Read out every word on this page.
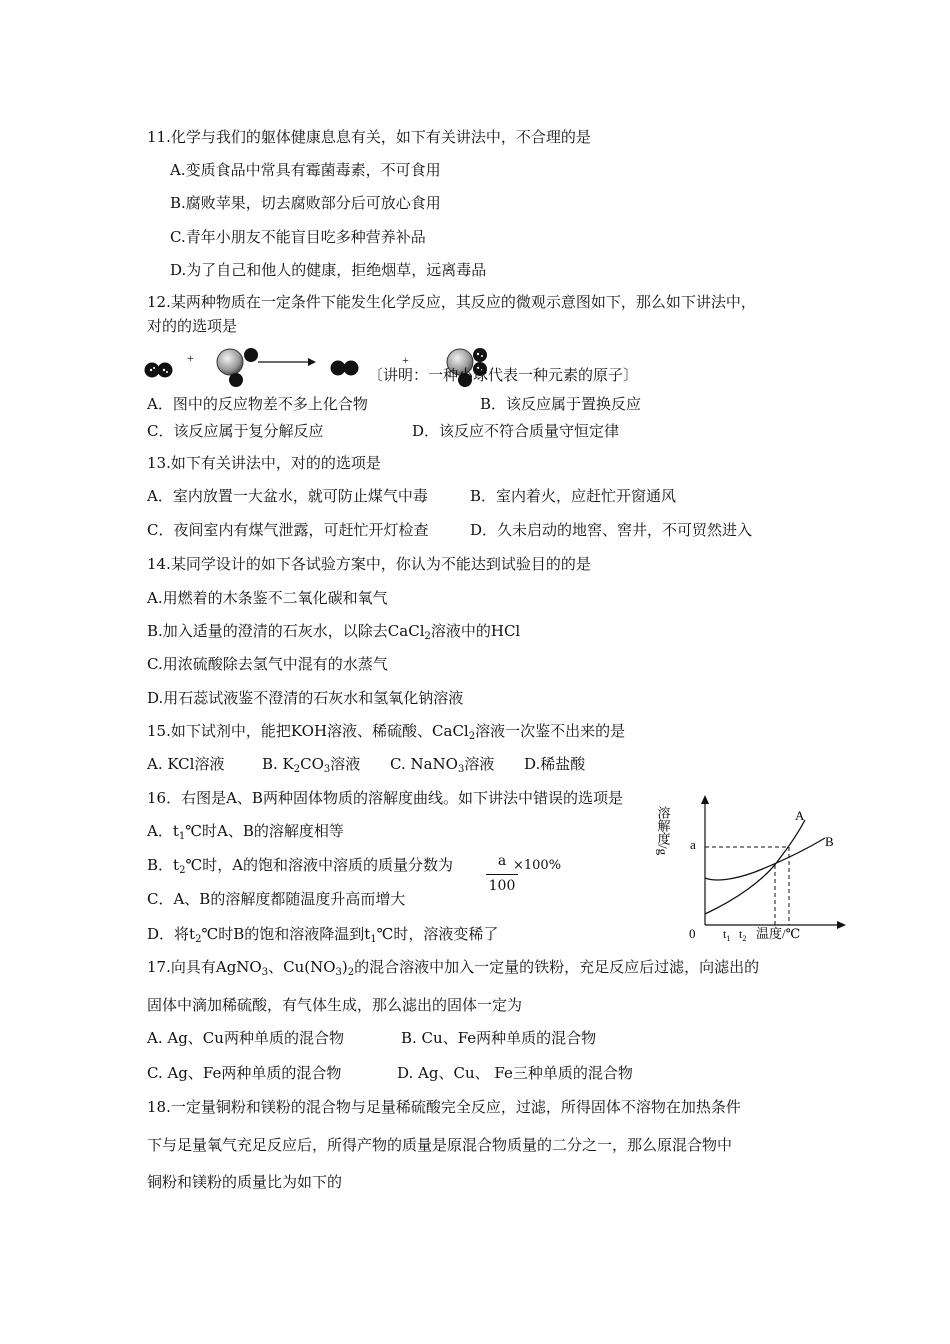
11.化学与我们的躯体健康息息有关，如下有关讲法中，不合理的是
A.变质食品中常具有霉菌毒素，不可食用
B.腐败苹果，切去腐败部分后可放心食用
C.青年小朋友不能盲目吃多种营养补品
D.为了自己和他人的健康，拒绝烟草，远离毒品
12.某两种物质在一定条件下能发生化学反应，其反应的微观示意图如下，那么如下讲法中，
对的的选项是
+	+
〔讲明：一种小球代表一种元素的原子〕
A．图中的反应物差不多上化合物	B．该反应属于置换反应
C．该反应属于复分解反应	D．该反应不符合质量守恒定律
13.如下有关讲法中，对的的选项是
A．室内放置一大盆水，就可防止煤气中毒	B．室内着火，应赶忙开窗通风
C．夜间室内有煤气泄露，可赶忙开灯检查	D．久未启动的地窖、窖井，不可贸然进入
14.某同学设计的如下各试验方案中，你认为不能达到试验目的的是
A.用燃着的木条鉴不二氧化碳和氧气
B.加入适量的澄清的石灰水，以除去CaCl$_2$溶液中的HCl
C.用浓硫酸除去氢气中混有的水蒸气
D.用石蕊试液鉴不澄清的石灰水和氢氧化钠溶液
15.如下试剂中，能把KOH溶液、稀硫酸、CaCl$_2$溶液一次鉴不出来的是
A. KCl溶液	B. $K_2CO_3$溶液 C. NaNO$_3$溶液 D.稀盐酸
16．右图是A、B两种固体物质的溶解度曲线。如下讲法中错误的选项是
A．$t_1℃$时A、B的溶解度相等
B．$t_2℃$时，A的饱和溶液中溶质的质量分数为	a
100
×100%
C．A、B的溶解度都随温度升高而增大
D．将$t_2℃$时B的饱和溶液降温到$t_1℃$时，溶液变稀了
溶解度/g	A
B
a
0 $t_1$ $t_2$ 温度/℃
17.向具有AgNO$_3$、$Cu(NO_3)_2$的混合溶液中加入一定量的铁粉，充足反应后过滤，向滤出的
固体中滴加稀硫酸，有气体生成，那么滤出的固体一定为
A. Ag、Cu两种单质的混合物	B. Cu、Fe两种单质的混合物
C. Ag、Fe两种单质的混合物	D. Ag、Cu、 Fe三种单质的混合物
18.一定量铜粉和镁粉的混合物与足量稀硫酸完全反应，过滤，所得固体不溶物在加热条件
下与足量氧气充足反应后，所得产物的质量是原混合物质量的二分之一，那么原混合物中
铜粉和镁粉的质量比为如下的
